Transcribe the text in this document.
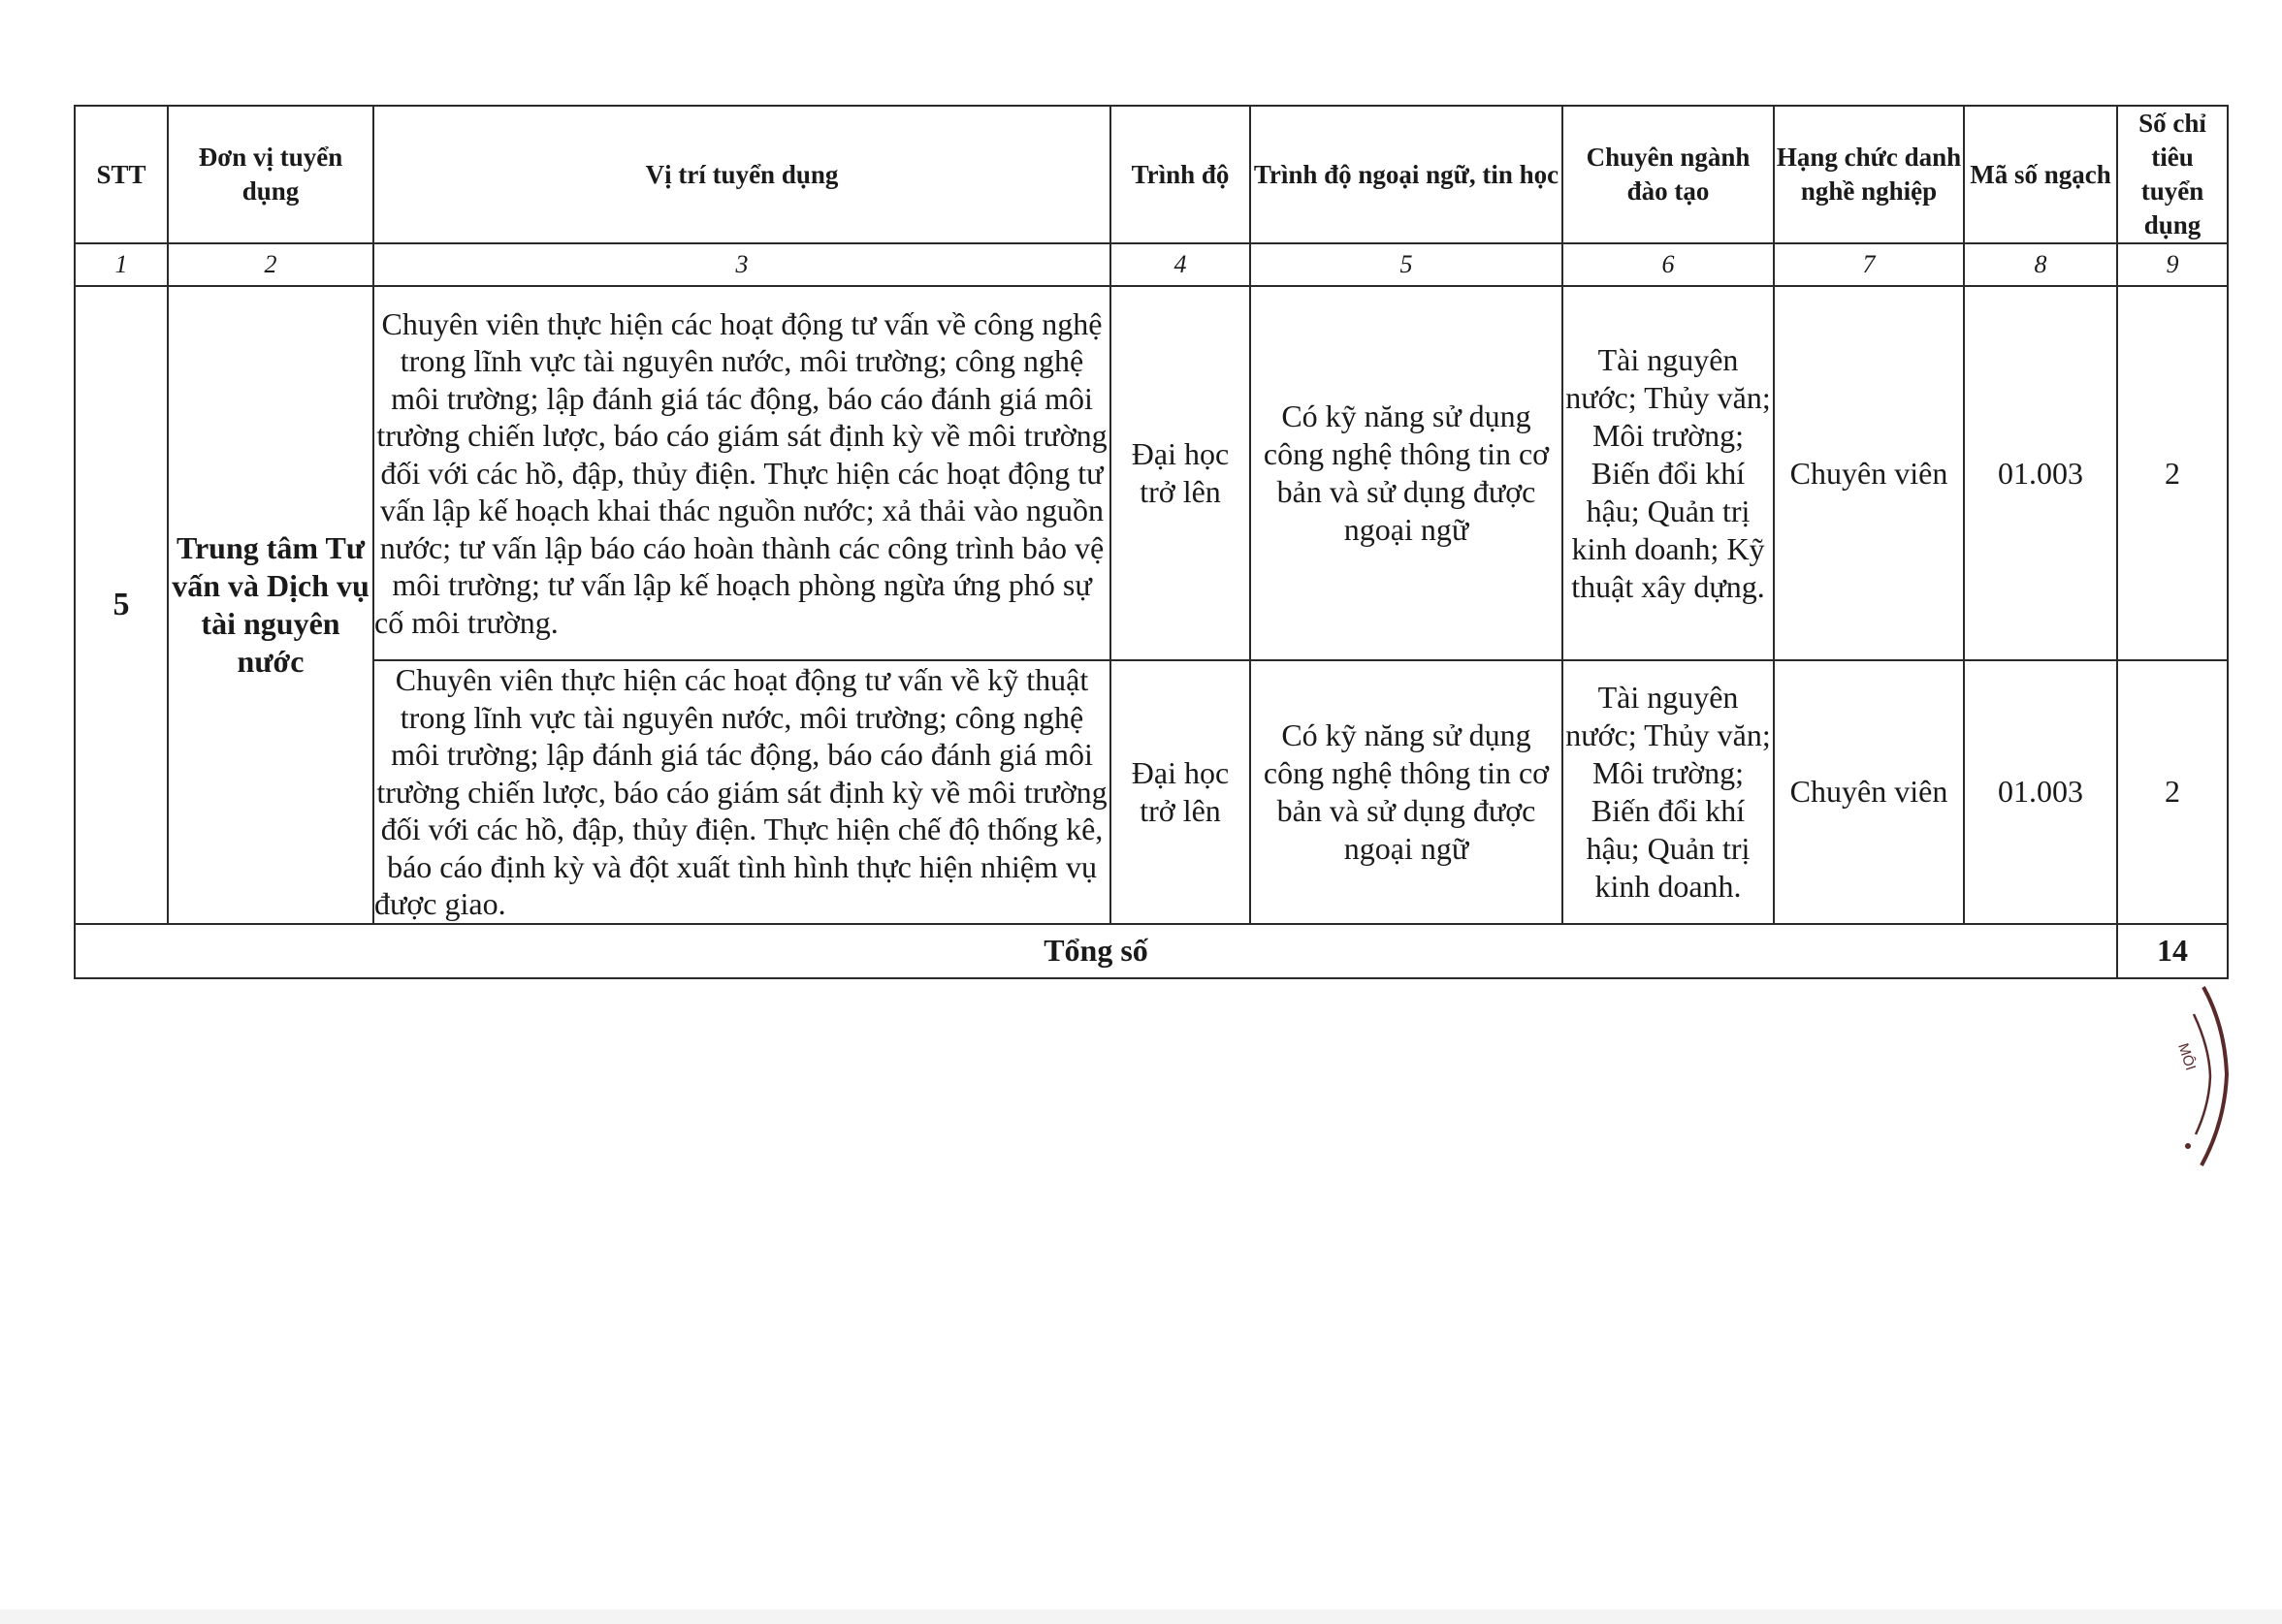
STT	Đơn vị tuyển dụng	Vị trí tuyển dụng	Trình độ	Trình độ ngoại ngữ, tin học	Chuyên ngành đào tạo	Hạng chức danh nghề nghiệp	Mã số ngạch	Số chỉ tiêu tuyển dụng
1	2	3	4	5	6	7	8	9
5	Trung tâm Tư vấn và Dịch vụ tài nguyên nước	Chuyên viên thực hiện các hoạt động tư vấn về công nghệ trong lĩnh vực tài nguyên nước, môi trường; công nghệ môi trường; lập đánh giá tác động, báo cáo đánh giá môi trường chiến lược, báo cáo giám sát định kỳ về môi trường đối với các hồ, đập, thủy điện. Thực hiện các hoạt động tư vấn lập kế hoạch khai thác nguồn nước; xả thải vào nguồn nước; tư vấn lập báo cáo hoàn thành các công trình bảo vệ môi trường; tư vấn lập kế hoạch phòng ngừa ứng phó sự cố môi trường.	Đại học trở lên	Có kỹ năng sử dụng công nghệ thông tin cơ bản và sử dụng được ngoại ngữ	Tài nguyên nước; Thủy văn; Môi trường; Biến đổi khí hậu; Quản trị kinh doanh; Kỹ thuật xây dựng.	Chuyên viên	01.003	2
		Chuyên viên thực hiện các hoạt động tư vấn về kỹ thuật trong lĩnh vực tài nguyên nước, môi trường; công nghệ môi trường; lập đánh giá tác động, báo cáo đánh giá môi trường chiến lược, báo cáo giám sát định kỳ về môi trường đối với các hồ, đập, thủy điện. Thực hiện chế độ thống kê, báo cáo định kỳ và đột xuất tình hình thực hiện nhiệm vụ được giao.	Đại học trở lên	Có kỹ năng sử dụng công nghệ thông tin cơ bản và sử dụng được ngoại ngữ	Tài nguyên nước; Thủy văn; Môi trường; Biến đổi khí hậu; Quản trị kinh doanh.	Chuyên viên	01.003	2
Tổng số								14
MÔI
